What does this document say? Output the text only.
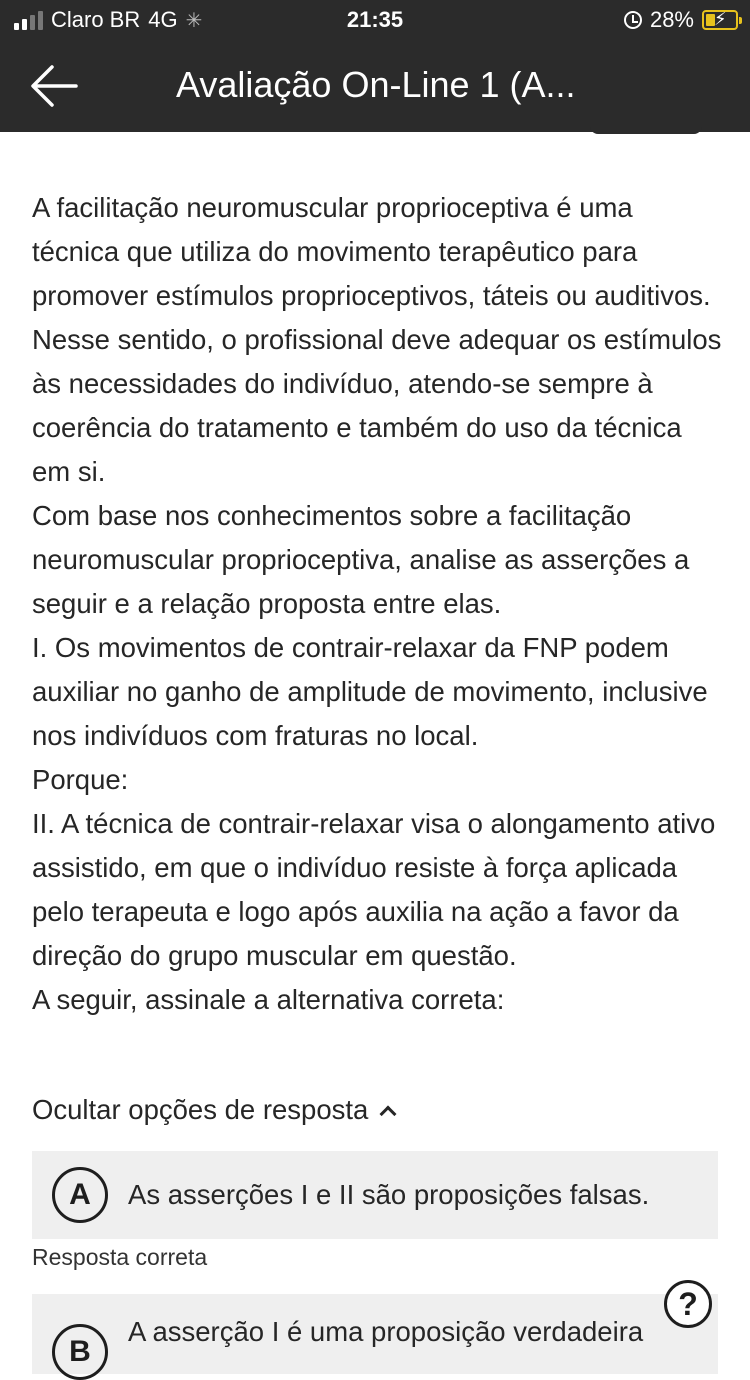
Claro BR 4G ✳	21:35	28% ⚡
Avaliação On-Line 1 (A...

A facilitação neuromuscular proprioceptiva é uma técnica que utiliza do movimento terapêutico para promover estímulos proprioceptivos, táteis ou auditivos. Nesse sentido, o profissional deve adequar os estímulos às necessidades do indivíduo, atendo-se sempre à coerência do tratamento e também do uso da técnica em si.

Com base nos conhecimentos sobre a facilitação neuromuscular proprioceptiva, analise as asserções a seguir e a relação proposta entre elas.

I. Os movimentos de contrair-relaxar da FNP podem auxiliar no ganho de amplitude de movimento, inclusive nos indivíduos com fraturas no local.

Porque:

II. A técnica de contrair-relaxar visa o alongamento ativo assistido, em que o indivíduo resiste à força aplicada pelo terapeuta e logo após auxilia na ação a favor da direção do grupo muscular em questão.

A seguir, assinale a alternativa correta:

Ocultar opções de resposta
A	As asserções I e II são proposições falsas.
Resposta correta
B
A asserção I é uma proposição verdadeira
?
